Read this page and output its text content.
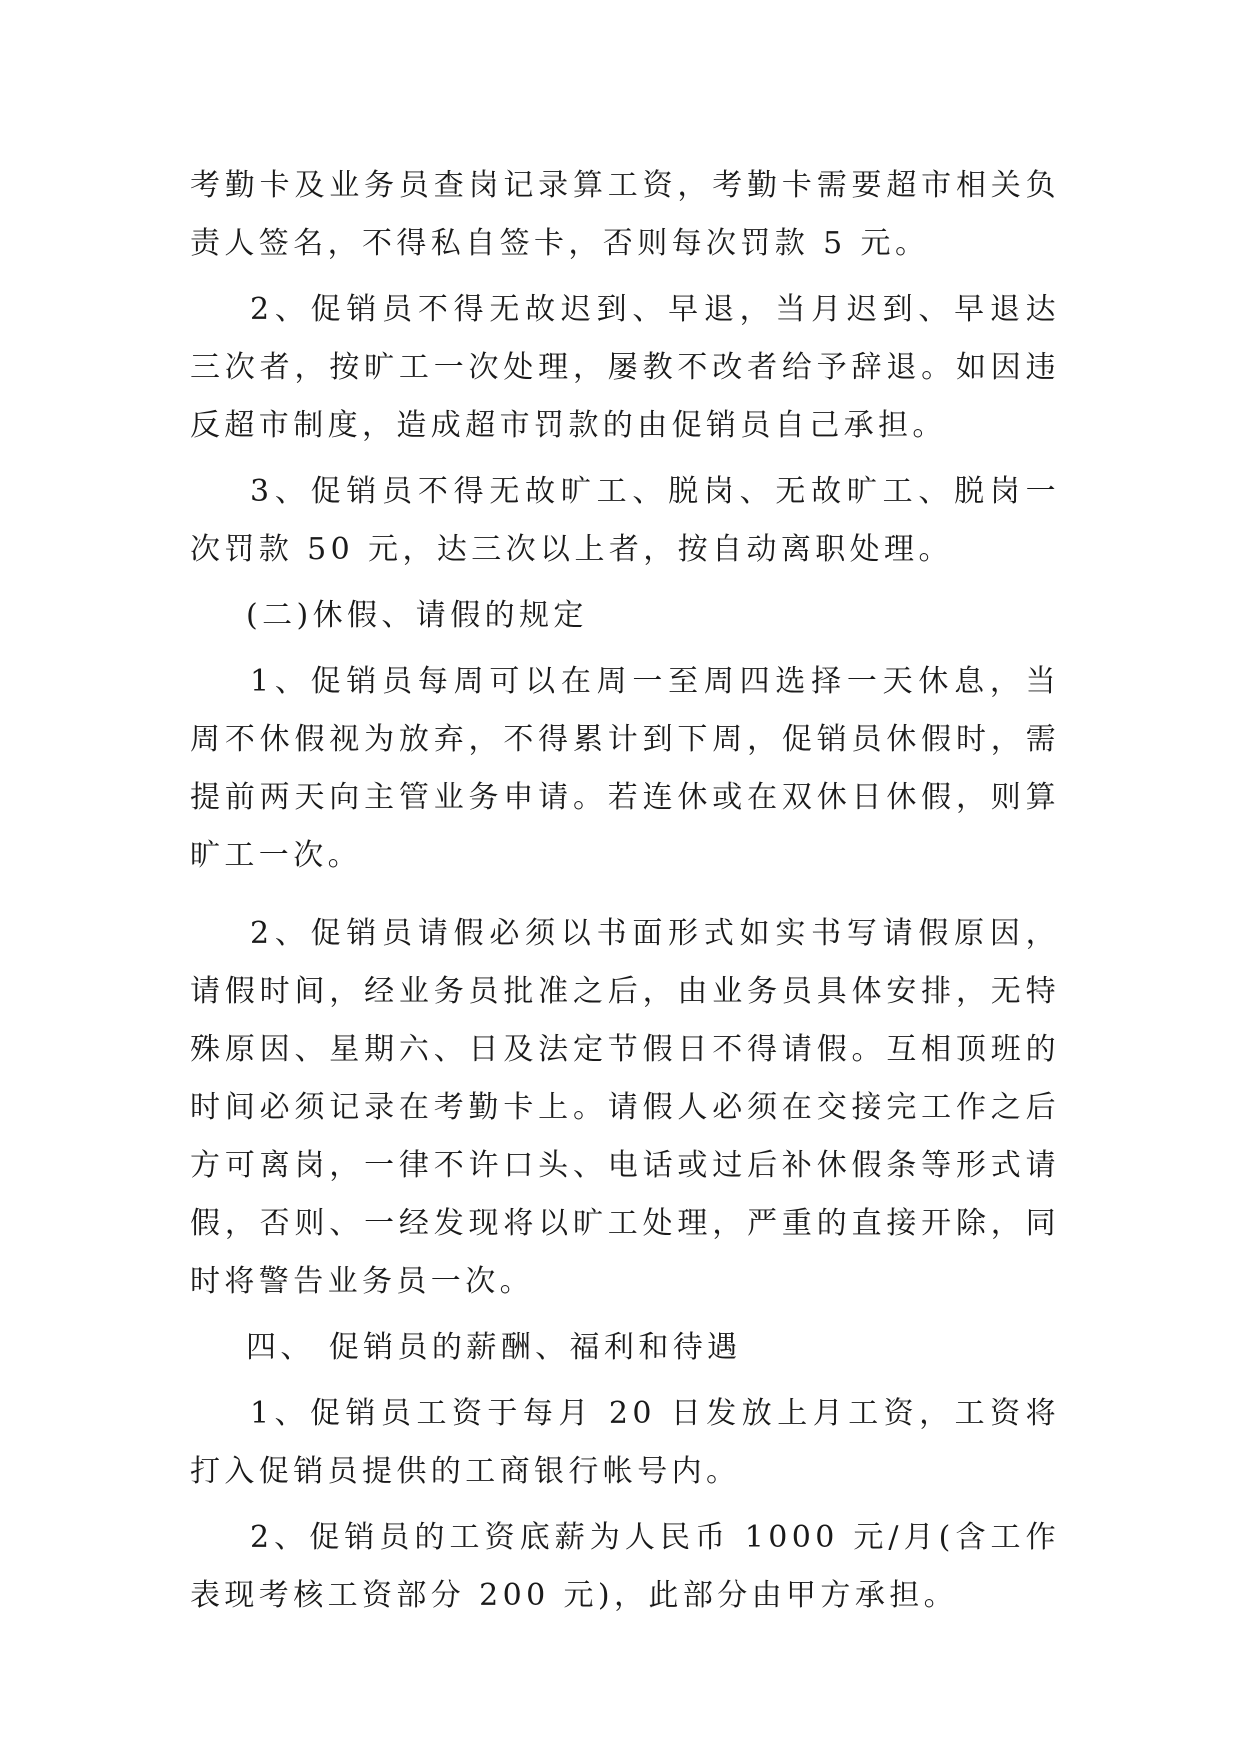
考勤卡及业务员查岗记录算工资，考勤卡需要超市相关负责人签名，不得私自签卡，否则每次罚款 5 元。

2、促销员不得无故迟到、早退，当月迟到、早退达三次者，按旷工一次处理，屡教不改者给予辞退。如因违反超市制度，造成超市罚款的由促销员自己承担。

3、促销员不得无故旷工、脱岗、无故旷工、脱岗一次罚款 50 元，达三次以上者，按自动离职处理。

(二)休假、请假的规定

1、促销员每周可以在周一至周四选择一天休息，当周不休假视为放弃，不得累计到下周，促销员休假时，需提前两天向主管业务申请。若连休或在双休日休假，则算旷工一次。

2、促销员请假必须以书面形式如实书写请假原因，请假时间，经业务员批准之后，由业务员具体安排，无特殊原因、星期六、日及法定节假日不得请假。互相顶班的时间必须记录在考勤卡上。请假人必须在交接完工作之后方可离岗，一律不许口头、电话或过后补休假条等形式请假，否则、一经发现将以旷工处理，严重的直接开除，同时将警告业务员一次。

四、 促销员的薪酬、福利和待遇

1、促销员工资于每月 20 日发放上月工资，工资将打入促销员提供的工商银行帐号内。

2、促销员的工资底薪为人民币 1000 元/月(含工作表现考核工资部分 200 元)，此部分由甲方承担。
